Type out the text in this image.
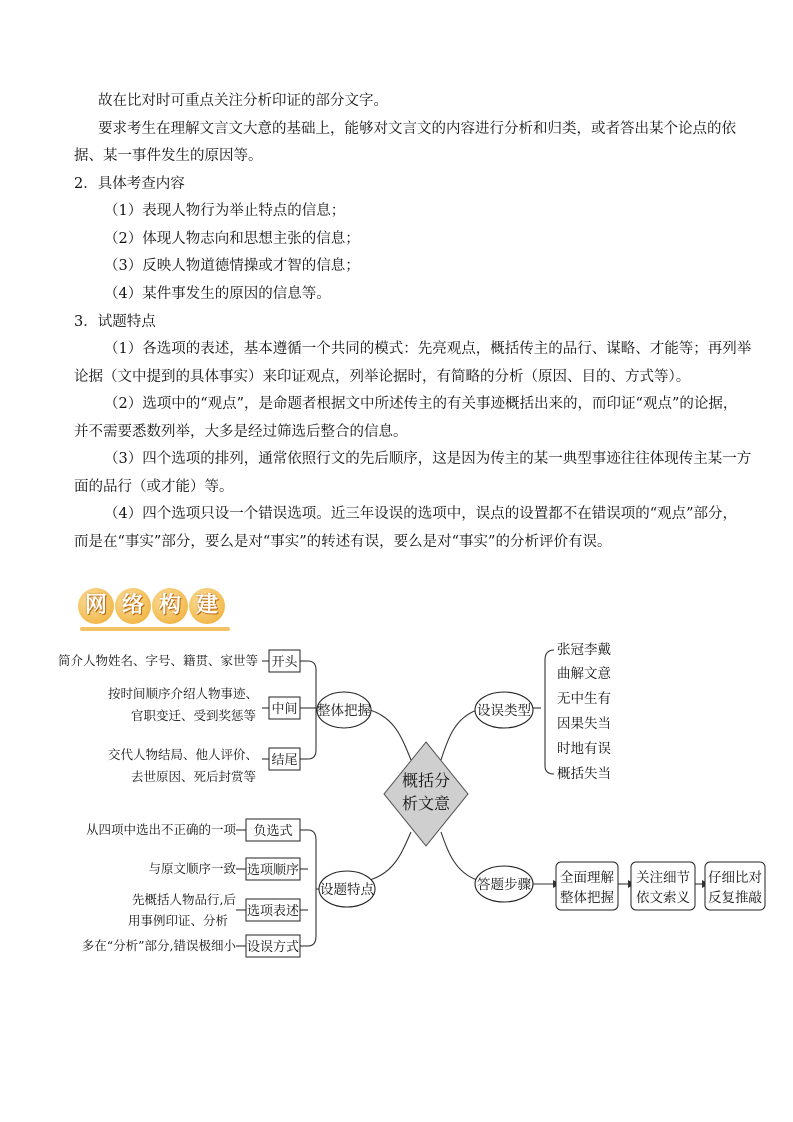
故在比对时可重点关注分析印证的部分文字。
要求考生在理解文言文大意的基础上，能够对文言文的内容进行分析和归类，或者答出某个论点的依
据、某一事件发生的原因等。
2．具体考查内容
（1）表现人物行为举止特点的信息；
（2）体现人物志向和思想主张的信息；
（3）反映人物道德情操或才智的信息；
（4）某件事发生的原因的信息等。
3．试题特点
（1）各选项的表述，基本遵循一个共同的模式：先亮观点，概括传主的品行、谋略、才能等；再列举
论据（文中提到的具体事实）来印证观点，列举论据时，有简略的分析（原因、目的、方式等）。
（2）选项中的“观点”，是命题者根据文中所述传主的有关事迹概括出来的，而印证“观点”的论据，
并不需要悉数列举，大多是经过筛选后整合的信息。
（3）四个选项的排列，通常依照行文的先后顺序，这是因为传主的某一典型事迹往往体现传主某一方
面的品行（或才能）等。
（4）四个选项只设一个错误选项。近三年设误的选项中，误点的设置都不在错误项的“观点”部分，
而是在“事实”部分，要么是对“事实”的转述有误，要么是对“事实”的分析评价有误。
网 络 构 建
概括分
析文意
整体把握	设误类型
设题特点	答题步骤
简介人物姓名、字号、籍贯、家世等 开头
按时间顺序介绍人物事迹、
官职变迁、受到奖惩等 中间
交代人物结局、他人评价、
去世原因、死后封赏等
结尾
张冠李戴
曲解文意
无中生有
因果失当
时地有误
概括失当
从四项中选出不正确的一项 负选式
与原文顺序一致 选项顺序
先概括人物品行,后
用事例印证、分析
选项表述
多在“分析”部分,错误极细小 设误方式
全面理解
整体把握
关注细节
依文索义
仔细比对
反复推敲
